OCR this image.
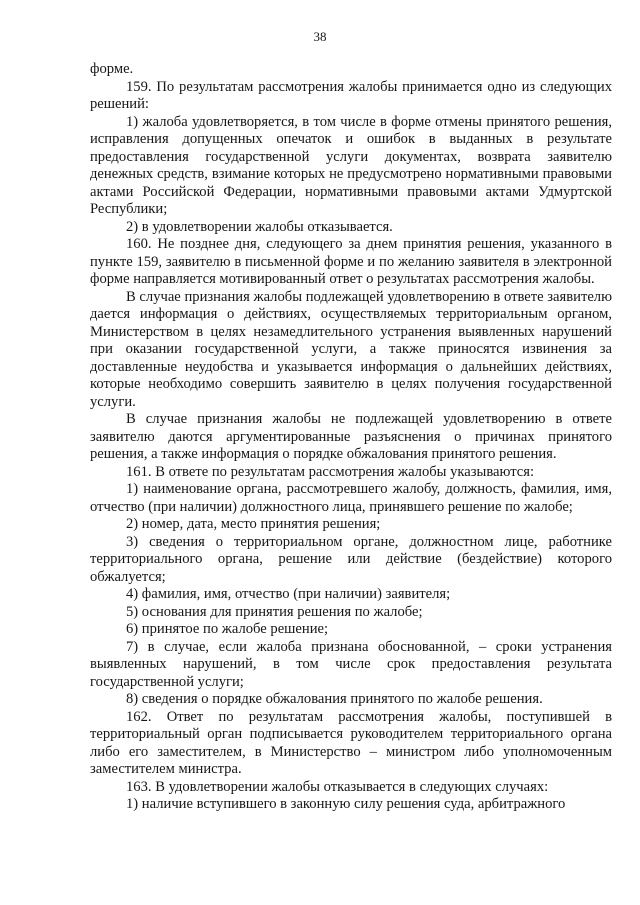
38

форме.

159. По результатам рассмотрения жалобы принимается одно из следующих решений:

1) жалоба удовлетворяется, в том числе в форме отмены принятого решения, исправления допущенных опечаток и ошибок в выданных в результате предоставления государственной услуги документах, возврата заявителю денежных средств, взимание которых не предусмотрено нормативными правовыми актами Российской Федерации, нормативными правовыми актами Удмуртской Республики;

2) в удовлетворении жалобы отказывается.

160. Не позднее дня, следующего за днем принятия решения, указанного в пункте 159, заявителю в письменной форме и по желанию заявителя в электронной форме направляется мотивированный ответ о результатах рассмотрения жалобы.

В случае признания жалобы подлежащей удовлетворению в ответе заявителю дается информация о действиях, осуществляемых территориальным органом, Министерством в целях незамедлительного устранения выявленных нарушений при оказании государственной услуги, а также приносятся извинения за доставленные неудобства и указывается информация о дальнейших действиях, которые необходимо совершить заявителю в целях получения государственной услуги.

В случае признания жалобы не подлежащей удовлетворению в ответе заявителю даются аргументированные разъяснения о причинах принятого решения, а также информация о порядке обжалования принятого решения.

161. В ответе по результатам рассмотрения жалобы указываются:

1) наименование органа, рассмотревшего жалобу, должность, фамилия, имя, отчество (при наличии) должностного лица, принявшего решение по жалобе;

2) номер, дата, место принятия решения;

3) сведения о территориальном органе, должностном лице, работнике территориального органа, решение или действие (бездействие) которого обжалуется;

4) фамилия, имя, отчество (при наличии) заявителя;

5) основания для принятия решения по жалобе;

6) принятое по жалобе решение;

7) в случае, если жалоба признана обоснованной, – сроки устранения выявленных нарушений, в том числе срок предоставления результата государственной услуги;

8) сведения о порядке обжалования принятого по жалобе решения.

162. Ответ по результатам рассмотрения жалобы, поступившей в территориальный орган подписывается руководителем территориального органа либо его заместителем, в Министерство – министром либо уполномоченным заместителем министра.

163. В удовлетворении жалобы отказывается в следующих случаях:

1) наличие вступившего в законную силу решения суда, арбитражного
